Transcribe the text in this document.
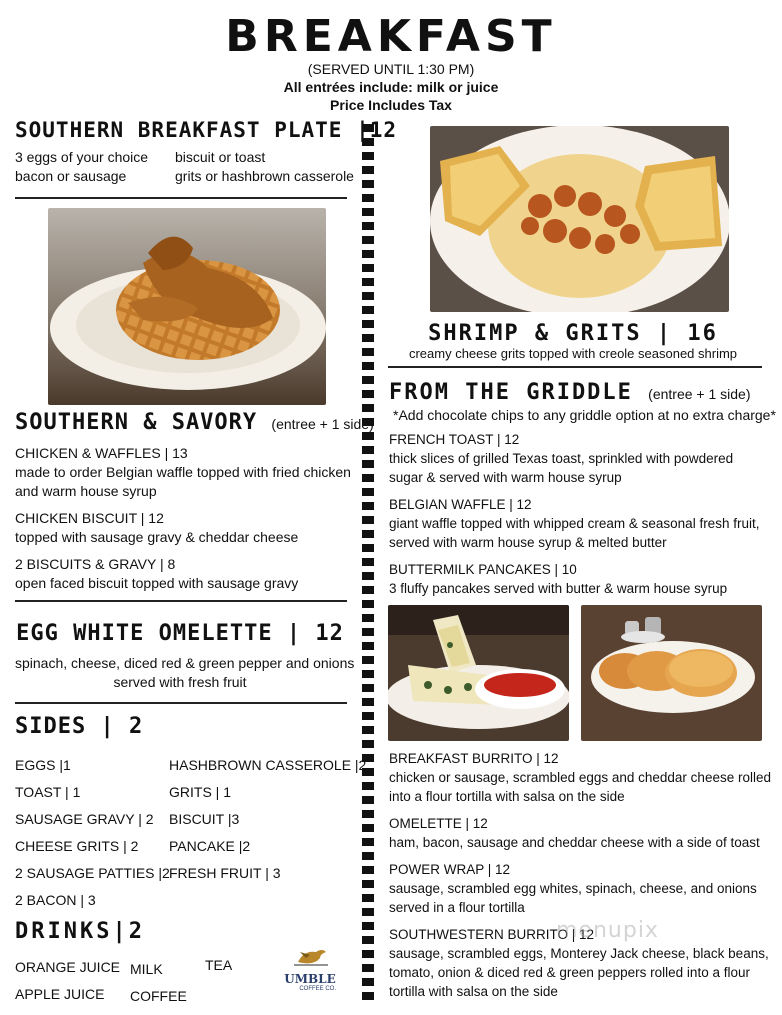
BREAKFAST
(SERVED UNTIL 1:30 PM)
All entrées include: milk or juice
Price Includes Tax
SOUTHERN BREAKFAST PLATE |12
3 eggs of your choice
bacon or sausage
biscuit or toast
grits or hashbrown casserole
SOUTHERN & SAVORY (entree + 1 side)
CHICKEN & WAFFLES | 13
made to order Belgian waffle topped with fried chicken
and warm house syrup
CHICKEN BISCUIT | 12
topped with sausage gravy & cheddar cheese
2 BISCUITS & GRAVY | 8
open faced biscuit topped with sausage gravy
EGG WHITE OMELETTE | 12
spinach, cheese, diced red & green pepper and onions
served with fresh fruit
SIDES | 2
EGGS |1
TOAST | 1
SAUSAGE GRAVY | 2
CHEESE GRITS | 2
2 SAUSAGE PATTIES |2
2 BACON | 3
HASHBROWN CASSEROLE |2
GRITS | 1
BISCUIT |3
PANCAKE |2
FRESH FRUIT | 3
DRINKS|2
ORANGE JUICE
APPLE JUICE
MILK
COFFEE
TEA
UMBLE
COFFEE CO.
SHRIMP & GRITS | 16
creamy cheese grits topped with creole seasoned shrimp
FROM THE GRIDDLE (entree + 1 side)
*Add chocolate chips to any griddle option at no extra charge*
FRENCH TOAST | 12
thick slices of grilled Texas toast, sprinkled with powdered
sugar & served with warm house syrup
BELGIAN WAFFLE | 12
giant waffle topped with whipped cream & seasonal fresh fruit,
served with warm house syrup & melted butter
BUTTERMILK PANCAKES | 10
3 fluffy pancakes served with butter & warm house syrup
BREAKFAST BURRITO | 12
chicken or sausage, scrambled eggs and cheddar cheese rolled
into a flour tortilla with salsa on the side
OMELETTE | 12
ham, bacon, sausage and cheddar cheese with a side of toast
POWER WRAP | 12
sausage, scrambled egg whites, spinach, cheese, and onions
served in a flour tortilla
SOUTHWESTERN BURRITO | 12
sausage, scrambled eggs, Monterey Jack cheese, black beans,
tomato, onion & diced red & green peppers rolled into a flour
tortilla with salsa on the side
menupix
